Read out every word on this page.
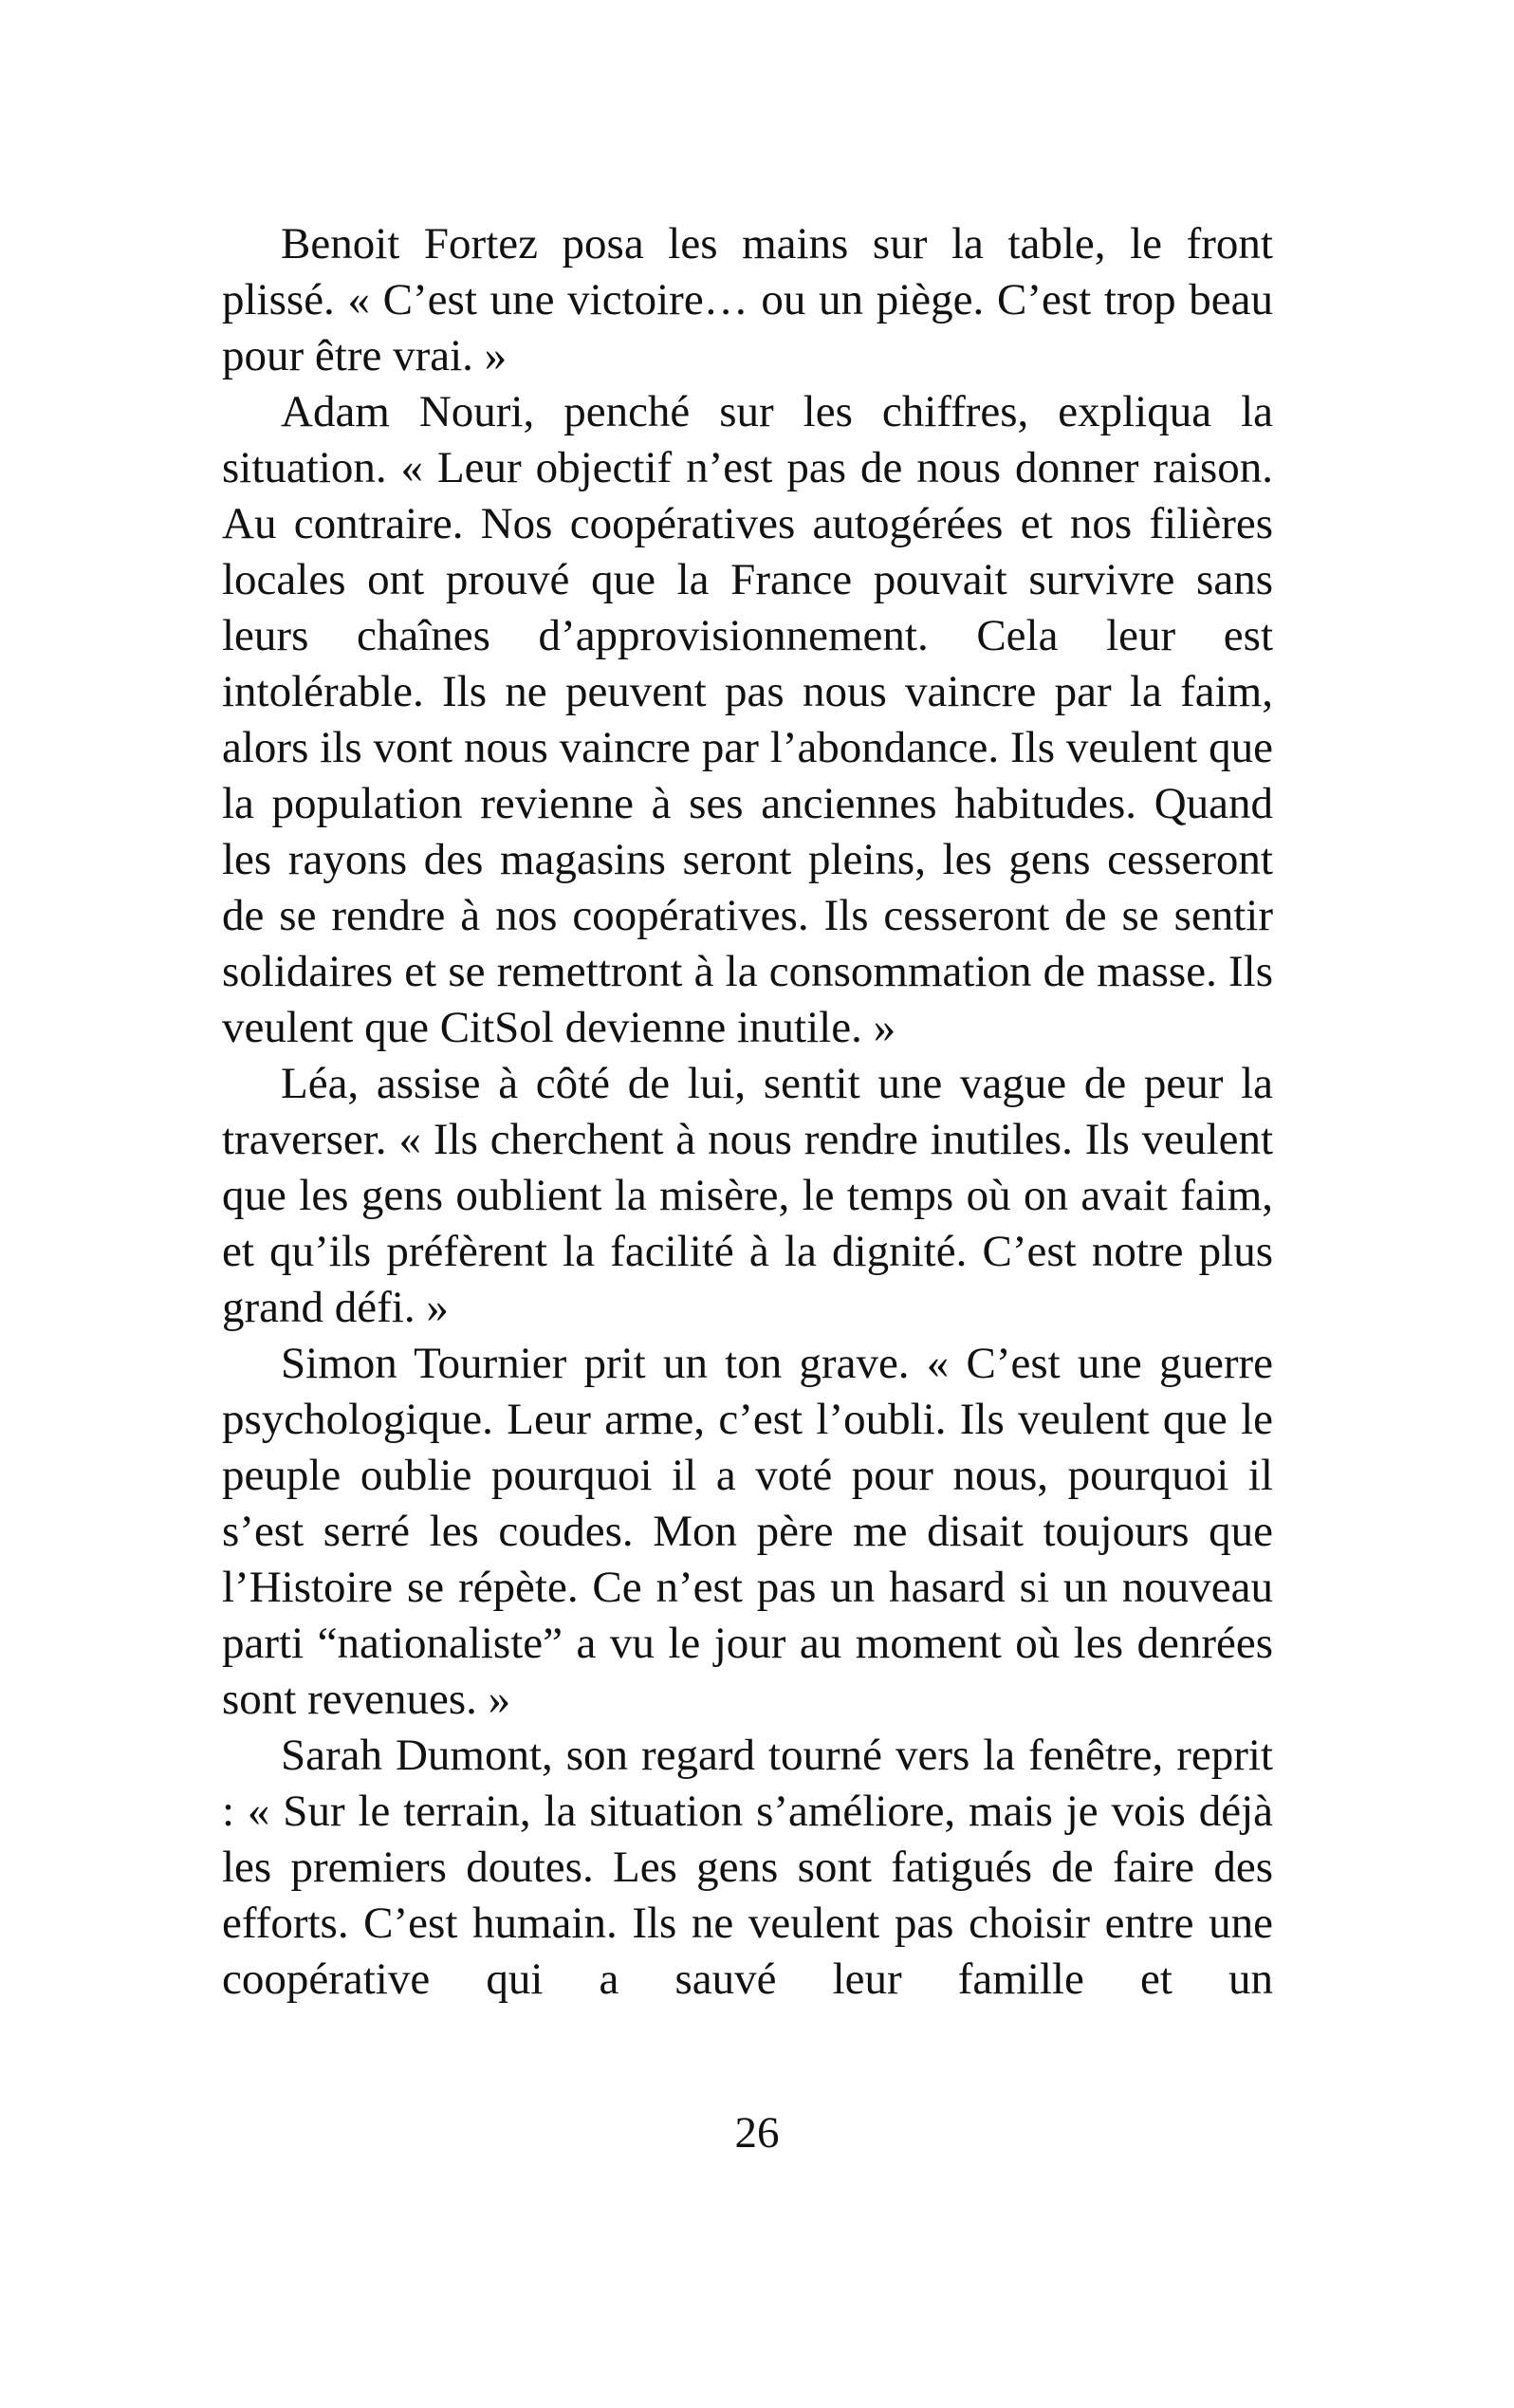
Benoit Fortez posa les mains sur la table, le front plissé. « C’est une victoire… ou un piège. C’est trop beau pour être vrai. »

Adam Nouri, penché sur les chiffres, expliqua la situation. « Leur objectif n’est pas de nous donner raison. Au contraire. Nos coopératives autogérées et nos filières locales ont prouvé que la France pouvait survivre sans leurs chaînes d’approvisionnement. Cela leur est intolérable. Ils ne peuvent pas nous vaincre par la faim, alors ils vont nous vaincre par l’abondance. Ils veulent que la population revienne à ses anciennes habitudes. Quand les rayons des magasins seront pleins, les gens cesseront de se rendre à nos coopératives. Ils cesseront de se sentir solidaires et se remettront à la consommation de masse. Ils veulent que CitSol devienne inutile. »

Léa, assise à côté de lui, sentit une vague de peur la traverser. « Ils cherchent à nous rendre inutiles. Ils veulent que les gens oublient la misère, le temps où on avait faim, et qu’ils préfèrent la facilité à la dignité. C’est notre plus grand défi. »

Simon Tournier prit un ton grave. « C’est une guerre psychologique. Leur arme, c’est l’oubli. Ils veulent que le peuple oublie pourquoi il a voté pour nous, pourquoi il s’est serré les coudes. Mon père me disait toujours que l’Histoire se répète. Ce n’est pas un hasard si un nouveau parti “nationaliste” a vu le jour au moment où les denrées sont revenues. »

Sarah Dumont, son regard tourné vers la fenêtre, reprit : « Sur le terrain, la situation s’améliore, mais je vois déjà les premiers doutes. Les gens sont fatigués de faire des efforts. C’est humain. Ils ne veulent pas choisir entre une coopérative qui a sauvé leur famille et un

26
